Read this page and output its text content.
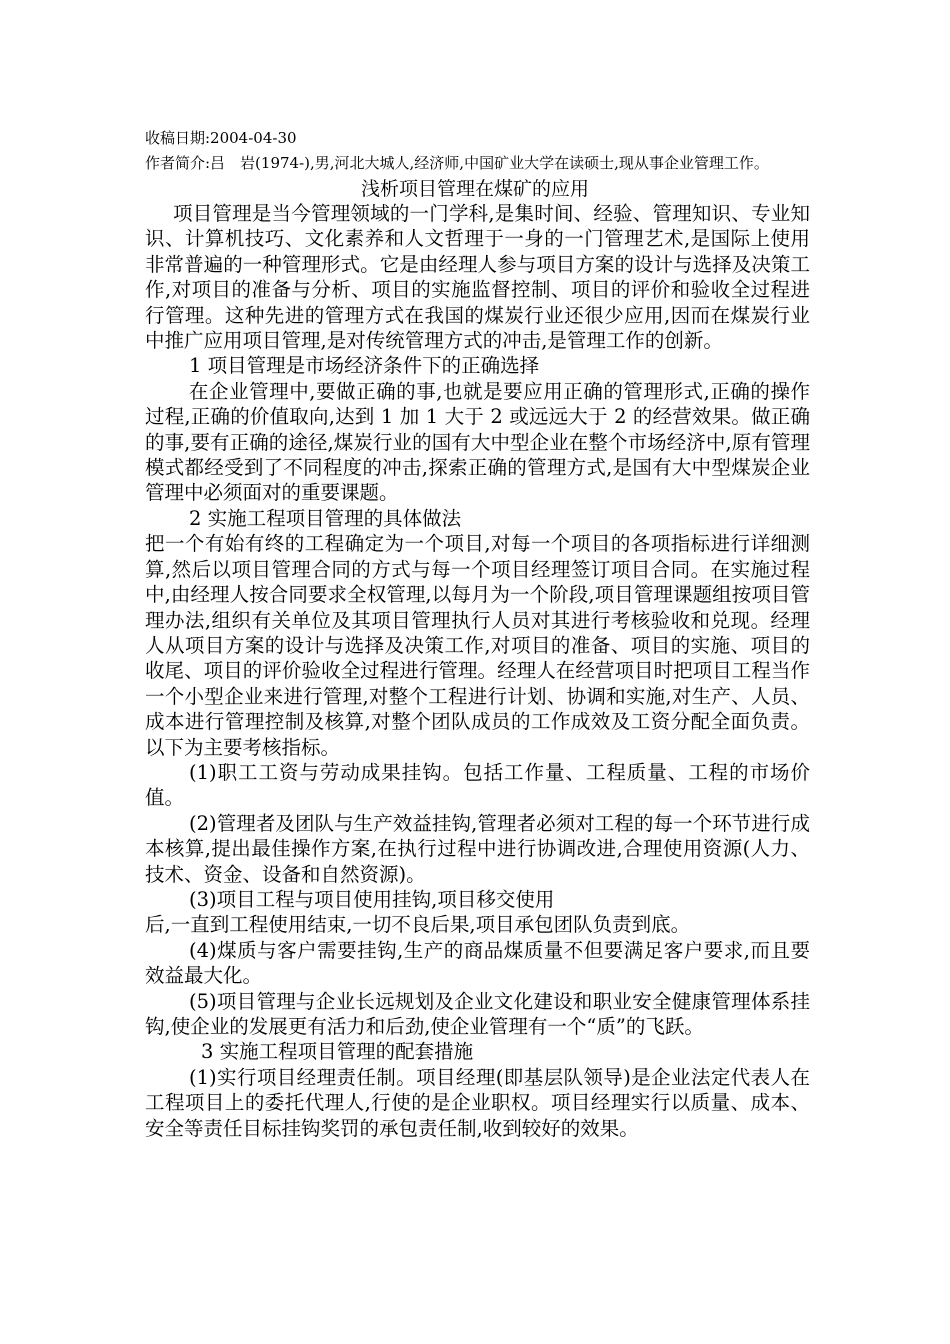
收稿日期:2004-04-30
作者简介:吕　岩(1974-),男,河北大城人,经济师,中国矿业大学在读硕士,现从事企业管理工作。
浅析项目管理在煤矿的应用

项目管理是当今管理领域的一门学科,是集时间、经验、管理知识、专业知识、计算机技巧、文化素养和人文哲理于一身的一门管理艺术,是国际上使用非常普遍的一种管理形式。它是由经理人参与项目方案的设计与选择及决策工作,对项目的准备与分析、项目的实施监督控制、项目的评价和验收全过程进行管理。这种先进的管理方式在我国的煤炭行业还很少应用,因而在煤炭行业中推广应用项目管理,是对传统管理方式的冲击,是管理工作的创新。

1 项目管理是市场经济条件下的正确选择

在企业管理中,要做正确的事,也就是要应用正确的管理形式,正确的操作过程,正确的价值取向,达到 1 加 1 大于 2 或远远大于 2 的经营效果。做正确的事,要有正确的途径,煤炭行业的国有大中型企业在整个市场经济中,原有管理模式都经受到了不同程度的冲击,探索正确的管理方式,是国有大中型煤炭企业管理中必须面对的重要课题。

2 实施工程项目管理的具体做法

把一个有始有终的工程确定为一个项目,对每一个项目的各项指标进行详细测算,然后以项目管理合同的方式与每一个项目经理签订项目合同。在实施过程中,由经理人按合同要求全权管理,以每月为一个阶段,项目管理课题组按项目管理办法,组织有关单位及其项目管理执行人员对其进行考核验收和兑现。经理人从项目方案的设计与选择及决策工作,对项目的准备、项目的实施、项目的收尾、项目的评价验收全过程进行管理。经理人在经营项目时把项目工程当作一个小型企业来进行管理,对整个工程进行计划、协调和实施,对生产、人员、成本进行管理控制及核算,对整个团队成员的工作成效及工资分配全面负责。以下为主要考核指标。

(1)职工工资与劳动成果挂钩。包括工作量、工程质量、工程的市场价值。

(2)管理者及团队与生产效益挂钩,管理者必须对工程的每一个环节进行成本核算,提出最佳操作方案,在执行过程中进行协调改进,合理使用资源(人力、技术、资金、设备和自然资源)。

(3)项目工程与项目使用挂钩,项目移交使用

后,一直到工程使用结束,一切不良后果,项目承包团队负责到底。

(4)煤质与客户需要挂钩,生产的商品煤质量不但要满足客户要求,而且要效益最大化。

(5)项目管理与企业长远规划及企业文化建设和职业安全健康管理体系挂钩,使企业的发展更有活力和后劲,使企业管理有一个“质”的飞跃。

3 实施工程项目管理的配套措施

(1)实行项目经理责任制。项目经理(即基层队领导)是企业法定代表人在工程项目上的委托代理人,行使的是企业职权。项目经理实行以质量、成本、安全等责任目标挂钩奖罚的承包责任制,收到较好的效果。
